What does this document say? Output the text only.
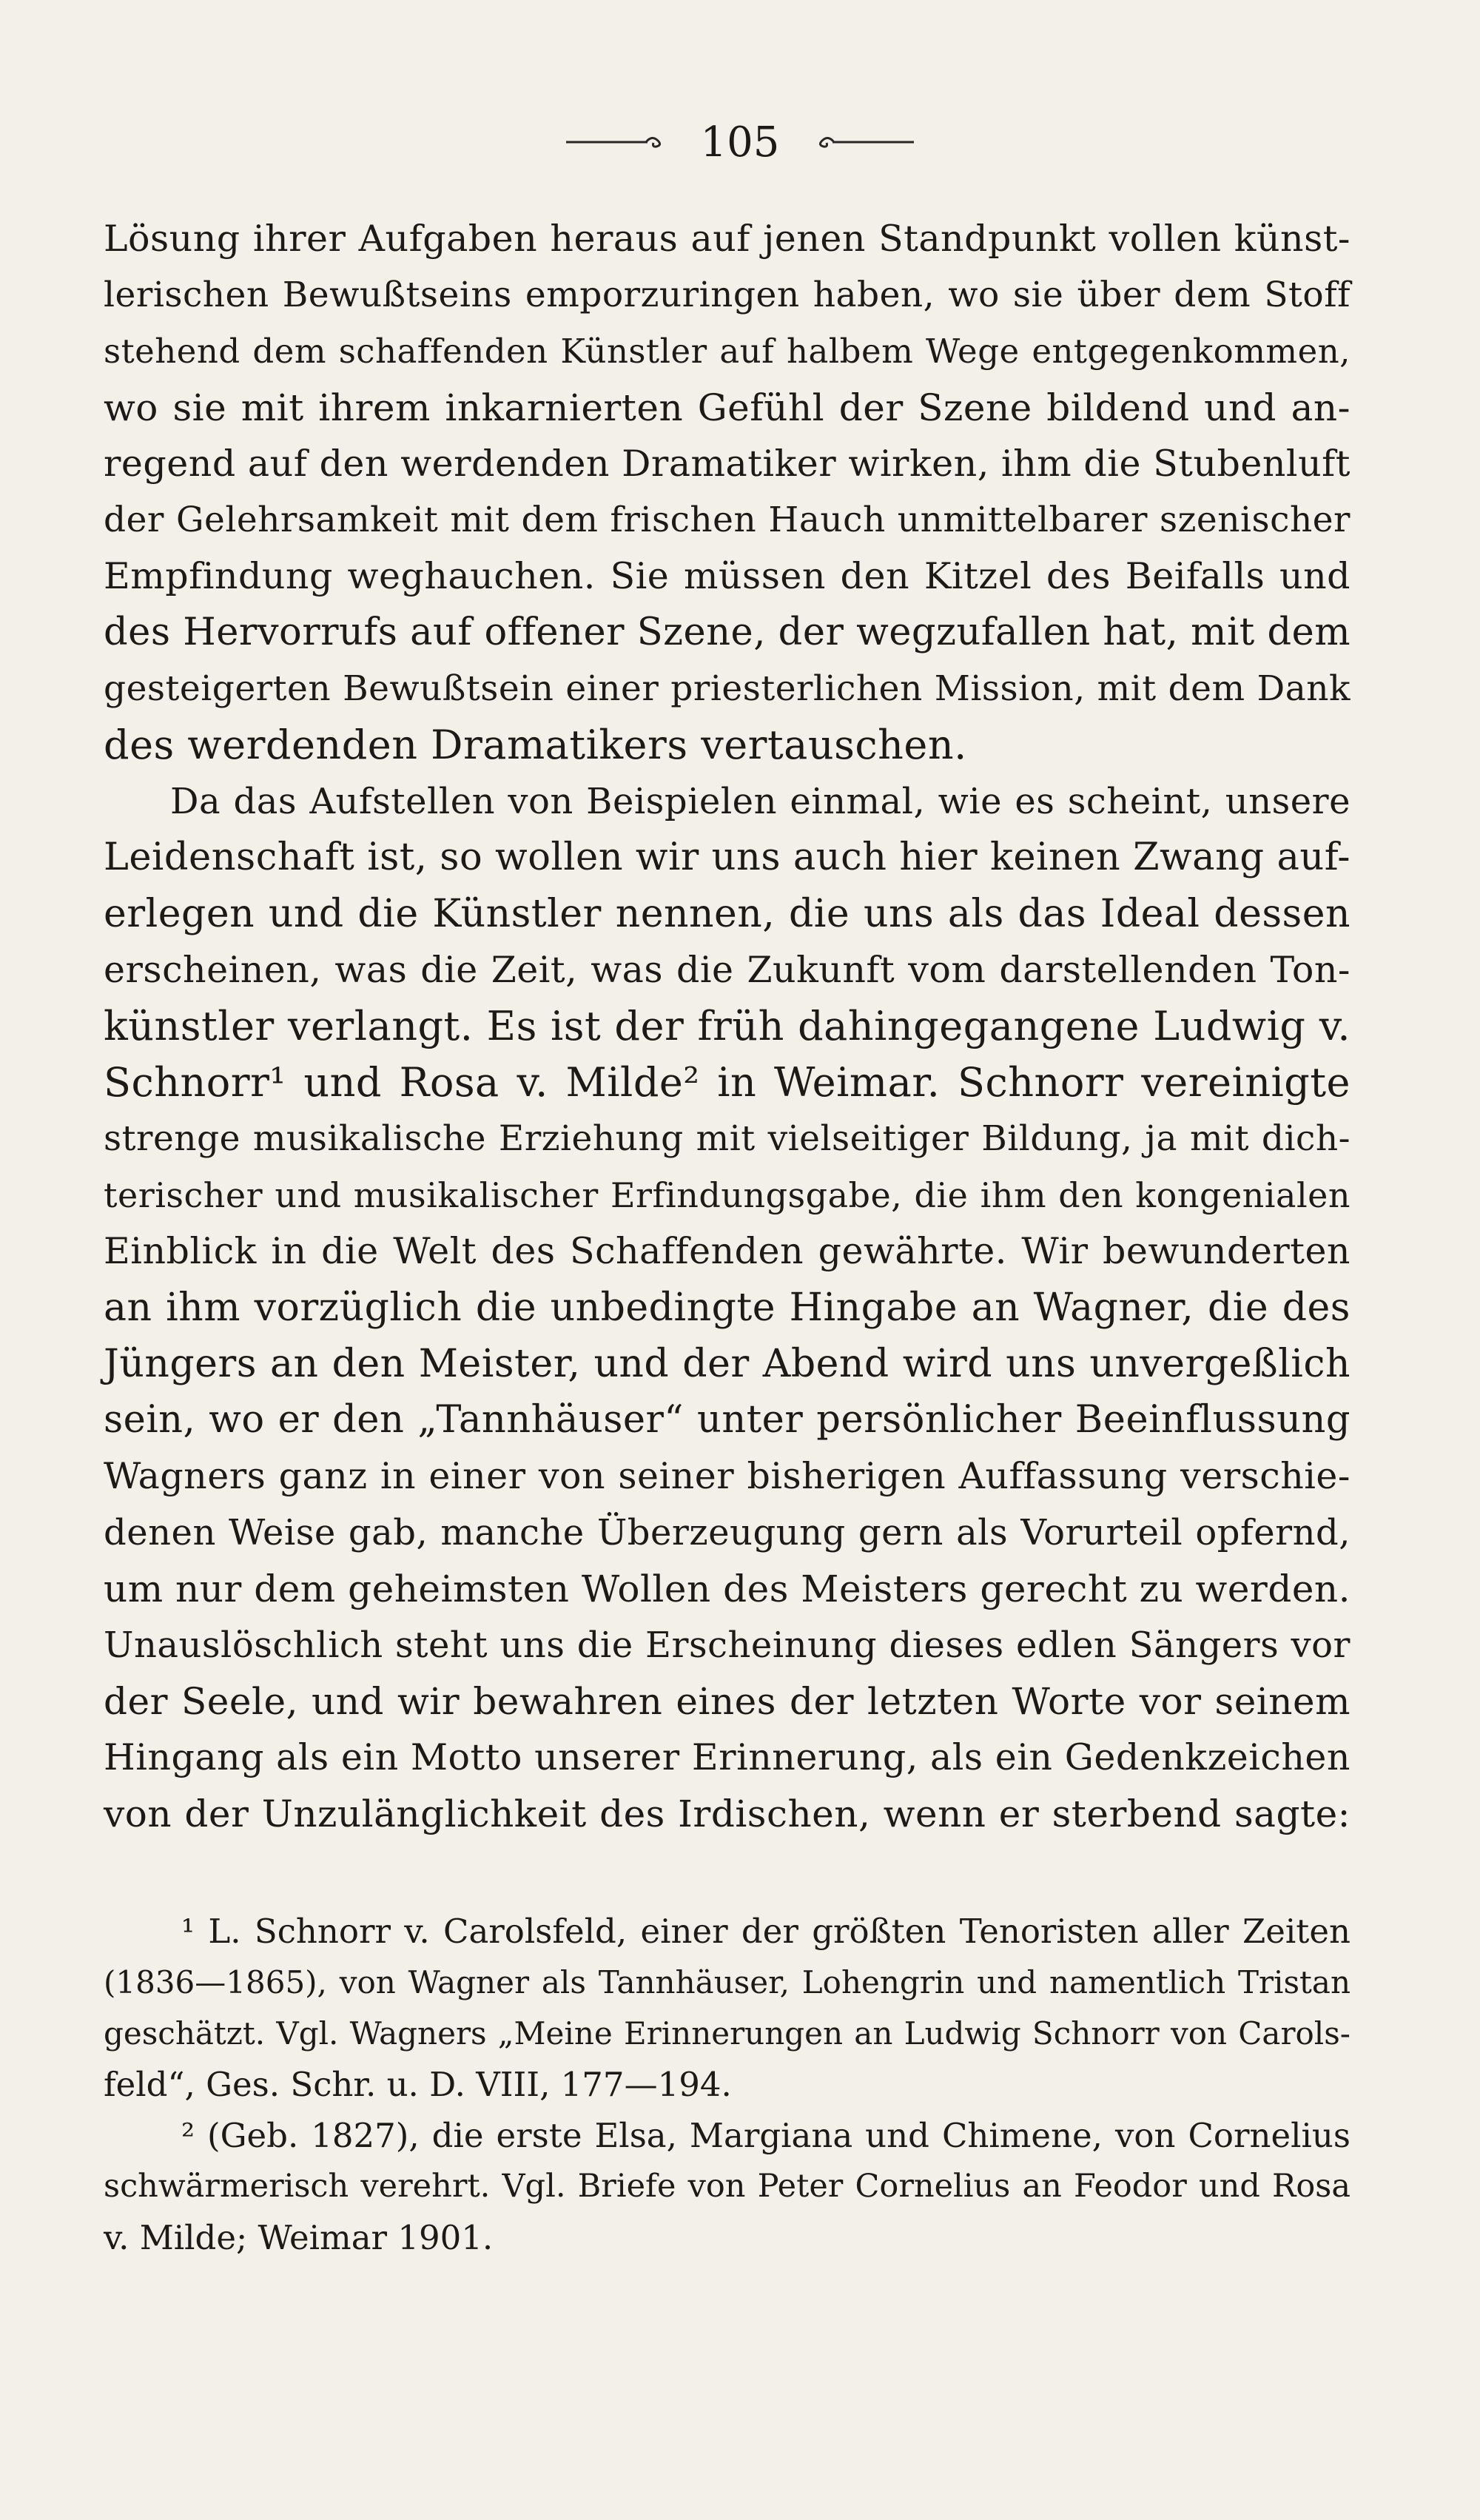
105
Lösung ihrer Aufgaben heraus auf jenen Standpunkt vollen künst-
lerischen Bewußtseins emporzuringen haben, wo sie über dem Stoff
stehend dem schaffenden Künstler auf halbem Wege entgegenkommen,
wo sie mit ihrem inkarnierten Gefühl der Szene bildend und an-
regend auf den werdenden Dramatiker wirken, ihm die Stubenluft
der Gelehrsamkeit mit dem frischen Hauch unmittelbarer szenischer
Empfindung weghauchen. Sie müssen den Kitzel des Beifalls und
des Hervorrufs auf offener Szene, der wegzufallen hat, mit dem
gesteigerten Bewußtsein einer priesterlichen Mission, mit dem Dank
des werdenden Dramatikers vertauschen.
Da das Aufstellen von Beispielen einmal, wie es scheint, unsere
Leidenschaft ist, so wollen wir uns auch hier keinen Zwang auf-
erlegen und die Künstler nennen, die uns als das Ideal dessen
erscheinen, was die Zeit, was die Zukunft vom darstellenden Ton-
künstler verlangt. Es ist der früh dahingegangene Ludwig v.
Schnorr¹ und Rosa v. Milde² in Weimar. Schnorr vereinigte
strenge musikalische Erziehung mit vielseitiger Bildung, ja mit dich-
terischer und musikalischer Erfindungsgabe, die ihm den kongenialen
Einblick in die Welt des Schaffenden gewährte. Wir bewunderten
an ihm vorzüglich die unbedingte Hingabe an Wagner, die des
Jüngers an den Meister, und der Abend wird uns unvergeßlich
sein, wo er den „Tannhäuser“ unter persönlicher Beeinflussung
Wagners ganz in einer von seiner bisherigen Auffassung verschie-
denen Weise gab, manche Überzeugung gern als Vorurteil opfernd,
um nur dem geheimsten Wollen des Meisters gerecht zu werden.
Unauslöschlich steht uns die Erscheinung dieses edlen Sängers vor
der Seele, und wir bewahren eines der letzten Worte vor seinem
Hingang als ein Motto unserer Erinnerung, als ein Gedenkzeichen
von der Unzulänglichkeit des Irdischen, wenn er sterbend sagte:
¹ L. Schnorr v. Carolsfeld, einer der größten Tenoristen aller Zeiten
(1836—1865), von Wagner als Tannhäuser, Lohengrin und namentlich Tristan
geschätzt. Vgl. Wagners „Meine Erinnerungen an Ludwig Schnorr von Carols-
feld“, Ges. Schr. u. D. VIII, 177—194.
² (Geb. 1827), die erste Elsa, Margiana und Chimene, von Cornelius
schwärmerisch verehrt. Vgl. Briefe von Peter Cornelius an Feodor und Rosa
v. Milde; Weimar 1901.
